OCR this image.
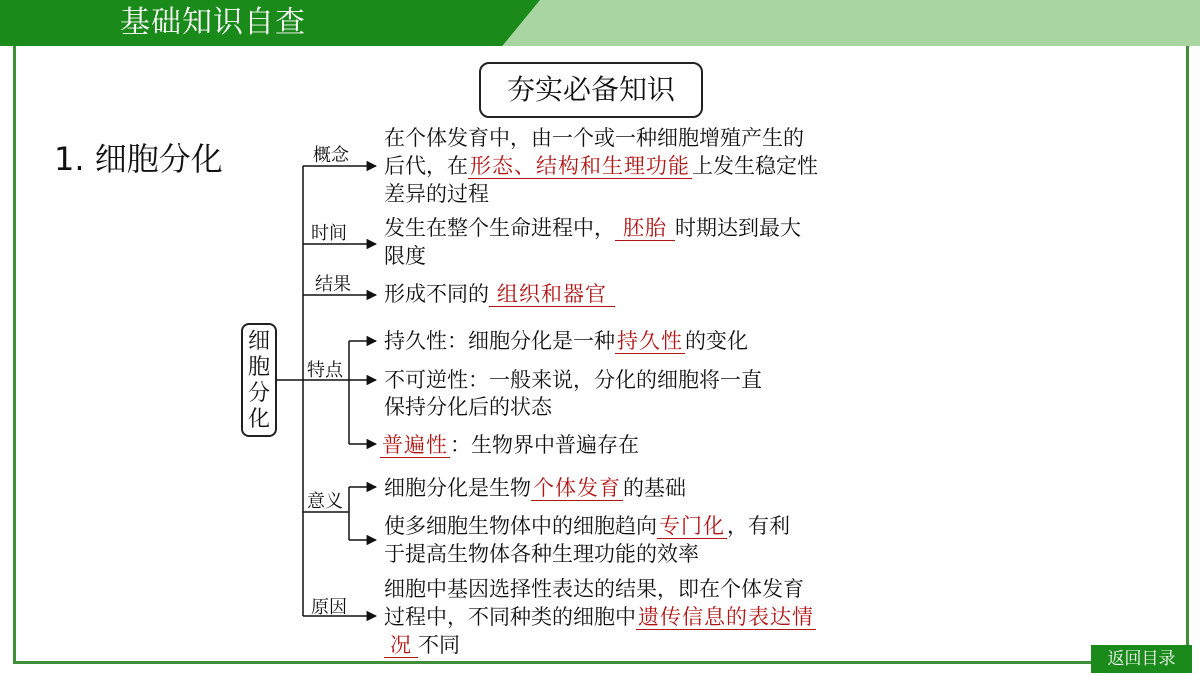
基础知识自查
夯实必备知识
1. 细胞分化
细
胞
分
化
概念
时间
结果
特点
意义
原因
在个体发育中，由一个或一种细胞增殖产生的
后代，在形态、结构和生理功能上发生稳定性
差异的过程
发生在整个生命进程中， 胚胎 时期达到最大
限度
形成不同的 组织和器官
持久性：细胞分化是一种持久性的变化
不可逆性：一般来说，分化的细胞将一直
保持分化后的状态
普遍性：生物界中普遍存在
细胞分化是生物个体发育的基础
使多细胞生物体中的细胞趋向专门化，有利
于提高生物体各种生理功能的效率
细胞中基因选择性表达的结果，即在个体发育
过程中，不同种类的细胞中遗传信息的表达情
况 不同
返回目录
